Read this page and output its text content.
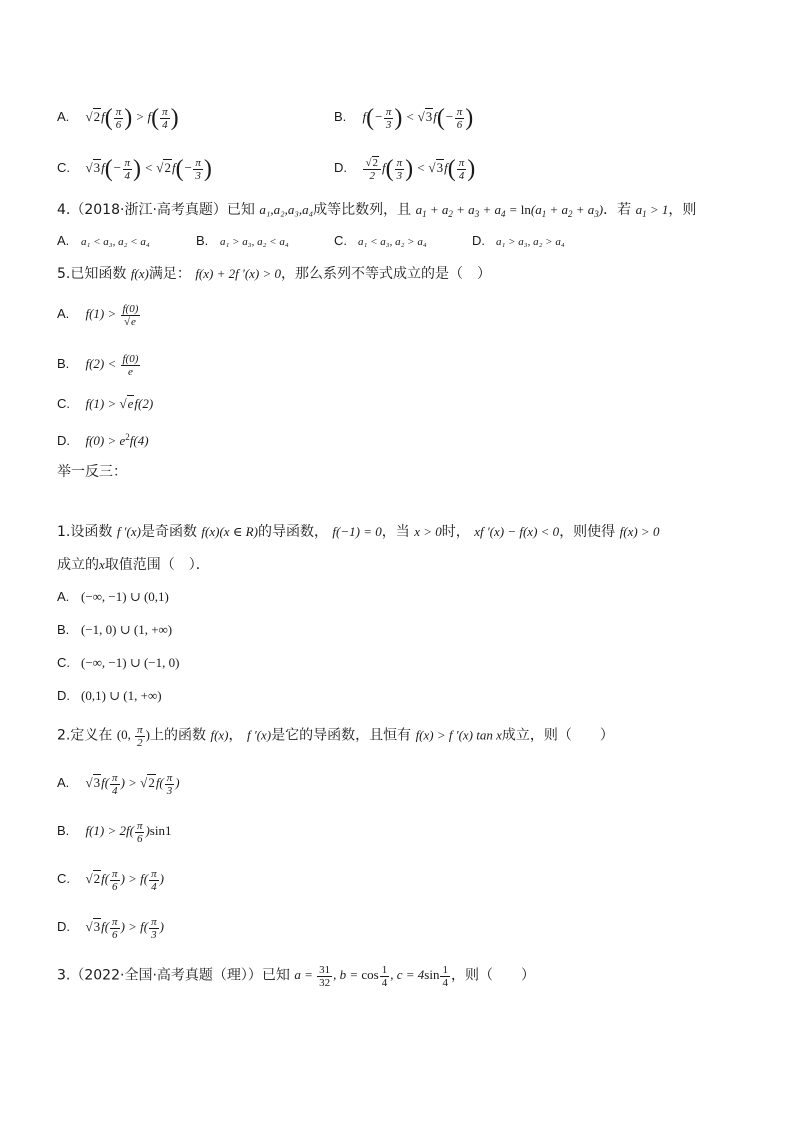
A. $√2f( \frac{\pi}{6}$ ) > $f( \frac{\pi}{4}$ )	B. $f(- \frac{\pi}{3}$ ) < $√3f(- \frac{\pi}{6}$ )
C. $√3f(- \frac{\pi}{4}$ ) < $√2f(- \frac{\pi}{3}$ )	D. $\frac{√2}{2} f( \frac{\pi}{3}$ ) < $√3f( \frac{\pi}{4}$ )
4.（2018·浙江·高考真题）已知 a₁,a₂,a₃,a₄成等比数列，且 $a_1 + a_2 + a_3 + a_4 = \ln(a_1 + a_2 + a_3)$．若 $a_1 > 1$，则
A. a₁ < a₃, a₂ < a₄	B. a₁ > a₃, a₂ < a₄	C. a₁ < a₃, a₂ > a₄	D. a₁ > a₃, a₂ > a₄
5.已知函数 f(x)满足： f(x) + 2f ′(x) > 0，那么系列不等式成立的是（　）
A. $f(1) > \frac{f(0)}{√e}$
B. $f(2) < \frac{f(0)}{e}$
C. f(1) > √ef(2)
D. $f(0) > e^2f(4)$
举一反三：
1.设函数 f ′(x)是奇函数 f(x)(x ∈ R)的导函数， f(−1) = 0，当 x > 0时， xf ′(x) − f(x) < 0，则使得 f(x) > 0
成立的x取值范围（　）．
A. (−∞, −1) ∪ (0,1)
B. (−1, 0) ∪ (1, +∞)
C. (−∞, −1) ∪ (−1, 0)
D. (0,1) ∪ (1, +∞)
2.定义在 (0, $\frac{\pi}{2}$ )上的函数 f(x)， f ′(x)是它的导函数，且恒有 f(x) > f ′(x) tan x成立，则（　　）
A. $√3f( \frac{\pi}{4}$ ) > $√2f( \frac{\pi}{3}$ )
B. $f(1) > 2f( \frac{\pi}{6} )\sin 1$
C. $√2f( \frac{\pi}{6}$ ) > $f( \frac{\pi}{4}$ )
D. $√3f( \frac{\pi}{6}$ ) > $f( \frac{\pi}{3}$ )
3.（2022·全国·高考真题（理））已知 $a = \frac{31}{32}$ , $b = \cos \frac{1}{4}$ , $c = 4\sin \frac{1}{4}$ ，则（　　）
